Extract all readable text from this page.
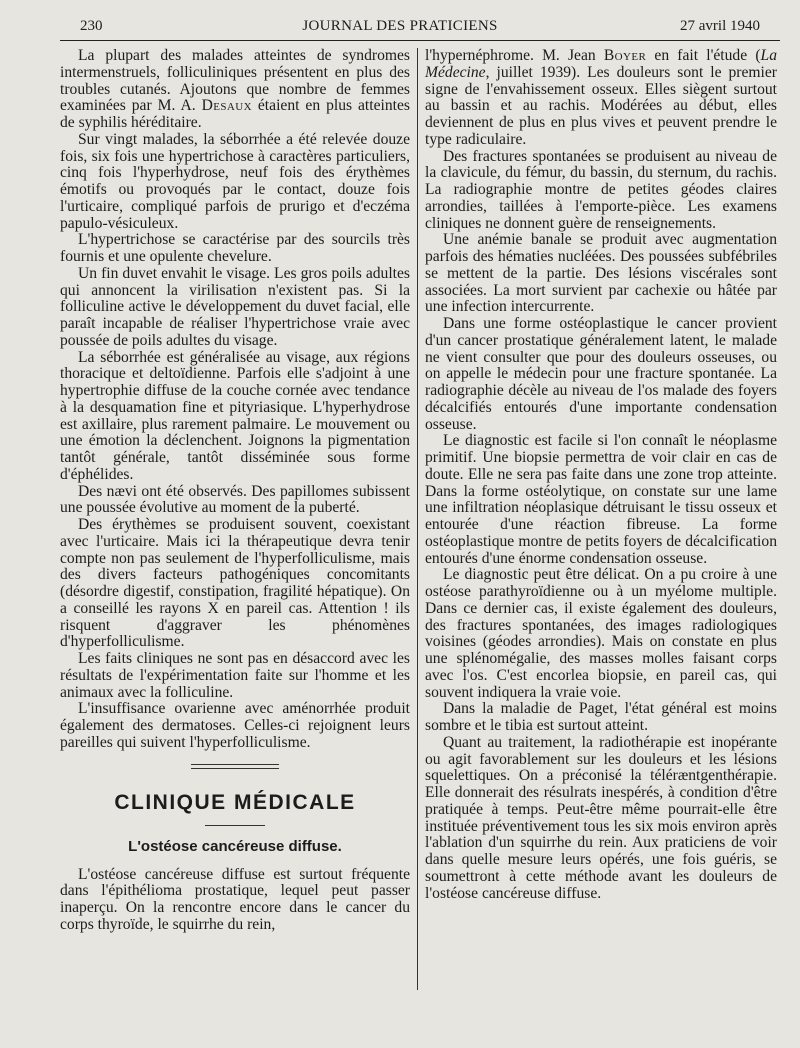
230	JOURNAL DES PRATICIENS	27 avril 1940

La plupart des malades atteintes de syndromes intermenstruels, folliculiniques présentent en plus des troubles cutanés. Ajoutons que nombre de femmes examinées par M. A. Desaux étaient en plus atteintes de syphilis héréditaire.

Sur vingt malades, la séborrhée a été relevée douze fois, six fois une hypertrichose à caractères particuliers, cinq fois l'hyperhydrose, neuf fois des érythèmes émotifs ou provoqués par le contact, douze fois l'urticaire, compliqué parfois de prurigo et d'eczéma papulo-vésiculeux.

L'hypertrichose se caractérise par des sourcils très fournis et une opulente chevelure.

Un fin duvet envahit le visage. Les gros poils adultes qui annoncent la virilisation n'existent pas. Si la folliculine active le développement du duvet facial, elle paraît incapable de réaliser l'hypertrichose vraie avec poussée de poils adultes du visage.

La séborrhée est généralisée au visage, aux régions thoracique et deltoïdienne. Parfois elle s'adjoint à une hypertrophie diffuse de la couche cornée avec tendance à la desquamation fine et pityriasique. L'hyperhydrose est axillaire, plus rarement palmaire. Le mouvement ou une émotion la déclenchent. Joignons la pigmentation tantôt générale, tantôt disséminée sous forme d'éphélides.

Des nævi ont été observés. Des papillomes subissent une poussée évolutive au moment de la puberté.

Des érythèmes se produisent souvent, coexistant avec l'urticaire. Mais ici la thérapeutique devra tenir compte non pas seulement de l'hyperfolliculisme, mais des divers facteurs pathogéniques concomitants (désordre digestif, constipation, fragilité hépatique). On a conseillé les rayons X en pareil cas. Attention ! ils risquent d'aggraver les phénomènes d'hyperfolliculisme.

Les faits cliniques ne sont pas en désaccord avec les résultats de l'expérimentation faite sur l'homme et les animaux avec la folliculine.

L'insuffisance ovarienne avec aménorrhée produit également des dermatoses. Celles-ci rejoignent leurs pareilles qui suivent l'hyperfolliculisme.

CLINIQUE MÉDICALE
L'ostéose cancéreuse diffuse.

L'ostéose cancéreuse diffuse est surtout fréquente dans l'épithélioma prostatique, lequel peut passer inaperçu. On la rencontre encore dans le cancer du corps thyroïde, le squirrhe du rein,

l'hypernéphrome. M. Jean Boyer en fait l'étude (La Médecine, juillet 1939). Les douleurs sont le premier signe de l'envahissement osseux. Elles siègent surtout au bassin et au rachis. Modérées au début, elles deviennent de plus en plus vives et peuvent prendre le type radiculaire.

Des fractures spontanées se produisent au niveau de la clavicule, du fémur, du bassin, du sternum, du rachis. La radiographie montre de petites géodes claires arrondies, taillées à l'emporte-pièce. Les examens cliniques ne donnent guère de renseignements.

Une anémie banale se produit avec augmentation parfois des hématies nucléées. Des poussées subfébriles se mettent de la partie. Des lésions viscérales sont associées. La mort survient par cachexie ou hâtée par une infection intercurrente.

Dans une forme ostéoplastique le cancer provient d'un cancer prostatique généralement latent, le malade ne vient consulter que pour des douleurs osseuses, ou on appelle le médecin pour une fracture spontanée. La radiographie décèle au niveau de l'os malade des foyers décalcifiés entourés d'une importante condensation osseuse.

Le diagnostic est facile si l'on connaît le néoplasme primitif. Une biopsie permettra de voir clair en cas de doute. Elle ne sera pas faite dans une zone trop atteinte. Dans la forme ostéolytique, on constate sur une lame une infiltration néoplasique détruisant le tissu osseux et entourée d'une réaction fibreuse. La forme ostéoplastique montre de petits foyers de décalcification entourés d'une énorme condensation osseuse.

Le diagnostic peut être délicat. On a pu croire à une ostéose parathyroïdienne ou à un myélome multiple. Dans ce dernier cas, il existe également des douleurs, des fractures spontanées, des images radiologiques voisines (géodes arrondies). Mais on constate en plus une splénomégalie, des masses molles faisant corps avec l'os. C'est encorlea biopsie, en pareil cas, qui souvent indiquera la vraie voie.

Dans la maladie de Paget, l'état général est moins sombre et le tibia est surtout atteint.

Quant au traitement, la radiothérapie est inopérante ou agit favorablement sur les douleurs et les lésions squelettiques. On a préconisé la téléræntgenthérapie. Elle donnerait des résulrats inespérés, à condition d'être pratiquée à temps. Peut-être même pourrait-elle être instituée préventivement tous les six mois environ après l'ablation d'un squirrhe du rein. Aux praticiens de voir dans quelle mesure leurs opérés, une fois guéris, se soumettront à cette méthode avant les douleurs de l'ostéose cancéreuse diffuse.
